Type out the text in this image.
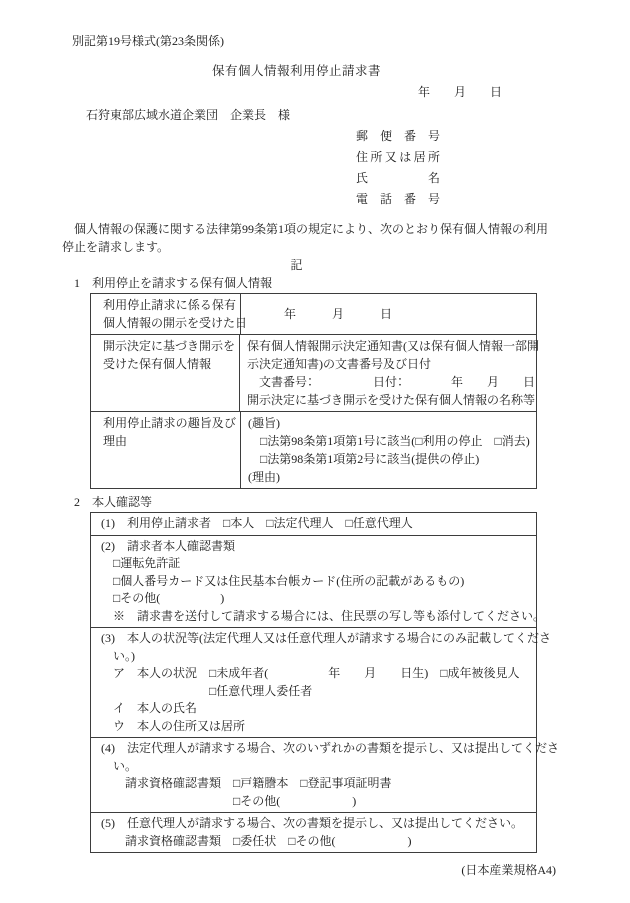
別記第19号様式(第23条関係)
保有個人情報利用停止請求書
年　　月　　日
石狩東部広域水道企業団　企業長　様
郵便番号
住所又は居所
氏名
電話番号
　個人情報の保護に関する法律第99条第1項の規定により、次のとおり保有個人情報の利用
停止を請求します。
記
1　利用停止を請求する保有個人情報
利用停止請求に係る保有
個人情報の開示を受けた日
　　　年　　　月　　　日
開示決定に基づき開示を
受けた保有個人情報
保有個人情報開示決定通知書(又は保有個人情報一部開
示決定通知書)の文書番号及び日付
　文書番号：　　　　　日付：　　　　年　　月　　日
開示決定に基づき開示を受けた保有個人情報の名称等
利用停止請求の趣旨及び
理由
(趣旨)
　□法第98条第1項第1号に該当(□利用の停止　□消去)
　□法第98条第1項第2号に該当(提供の停止)
(理由)
2　本人確認等
(1)　利用停止請求者　□本人　□法定代理人　□任意代理人
(2)　請求者本人確認書類
　□運転免許証
　□個人番号カード又は住民基本台帳カード(住所の記載があるもの)
　□その他(　　　　　)
　※　請求書を送付して請求する場合には、住民票の写し等も添付してください。
(3)　本人の状況等(法定代理人又は任意代理人が請求する場合にのみ記載してくださ
　い。)
　ア　本人の状況　□未成年者(　　　　　年　　月　　日生)　□成年被後見人
　　　　　　　　　□任意代理人委任者
　イ　本人の氏名
　ウ　本人の住所又は居所
(4)　法定代理人が請求する場合、次のいずれかの書類を提示し、又は提出してくださ
　い。
　　請求資格確認書類　□戸籍謄本　□登記事項証明書
　　　　　　　　　　　□その他(　　　　　　)
(5)　任意代理人が請求する場合、次の書類を提示し、又は提出してください。
　　請求資格確認書類　□委任状　□その他(　　　　　　)
(日本産業規格A4)
